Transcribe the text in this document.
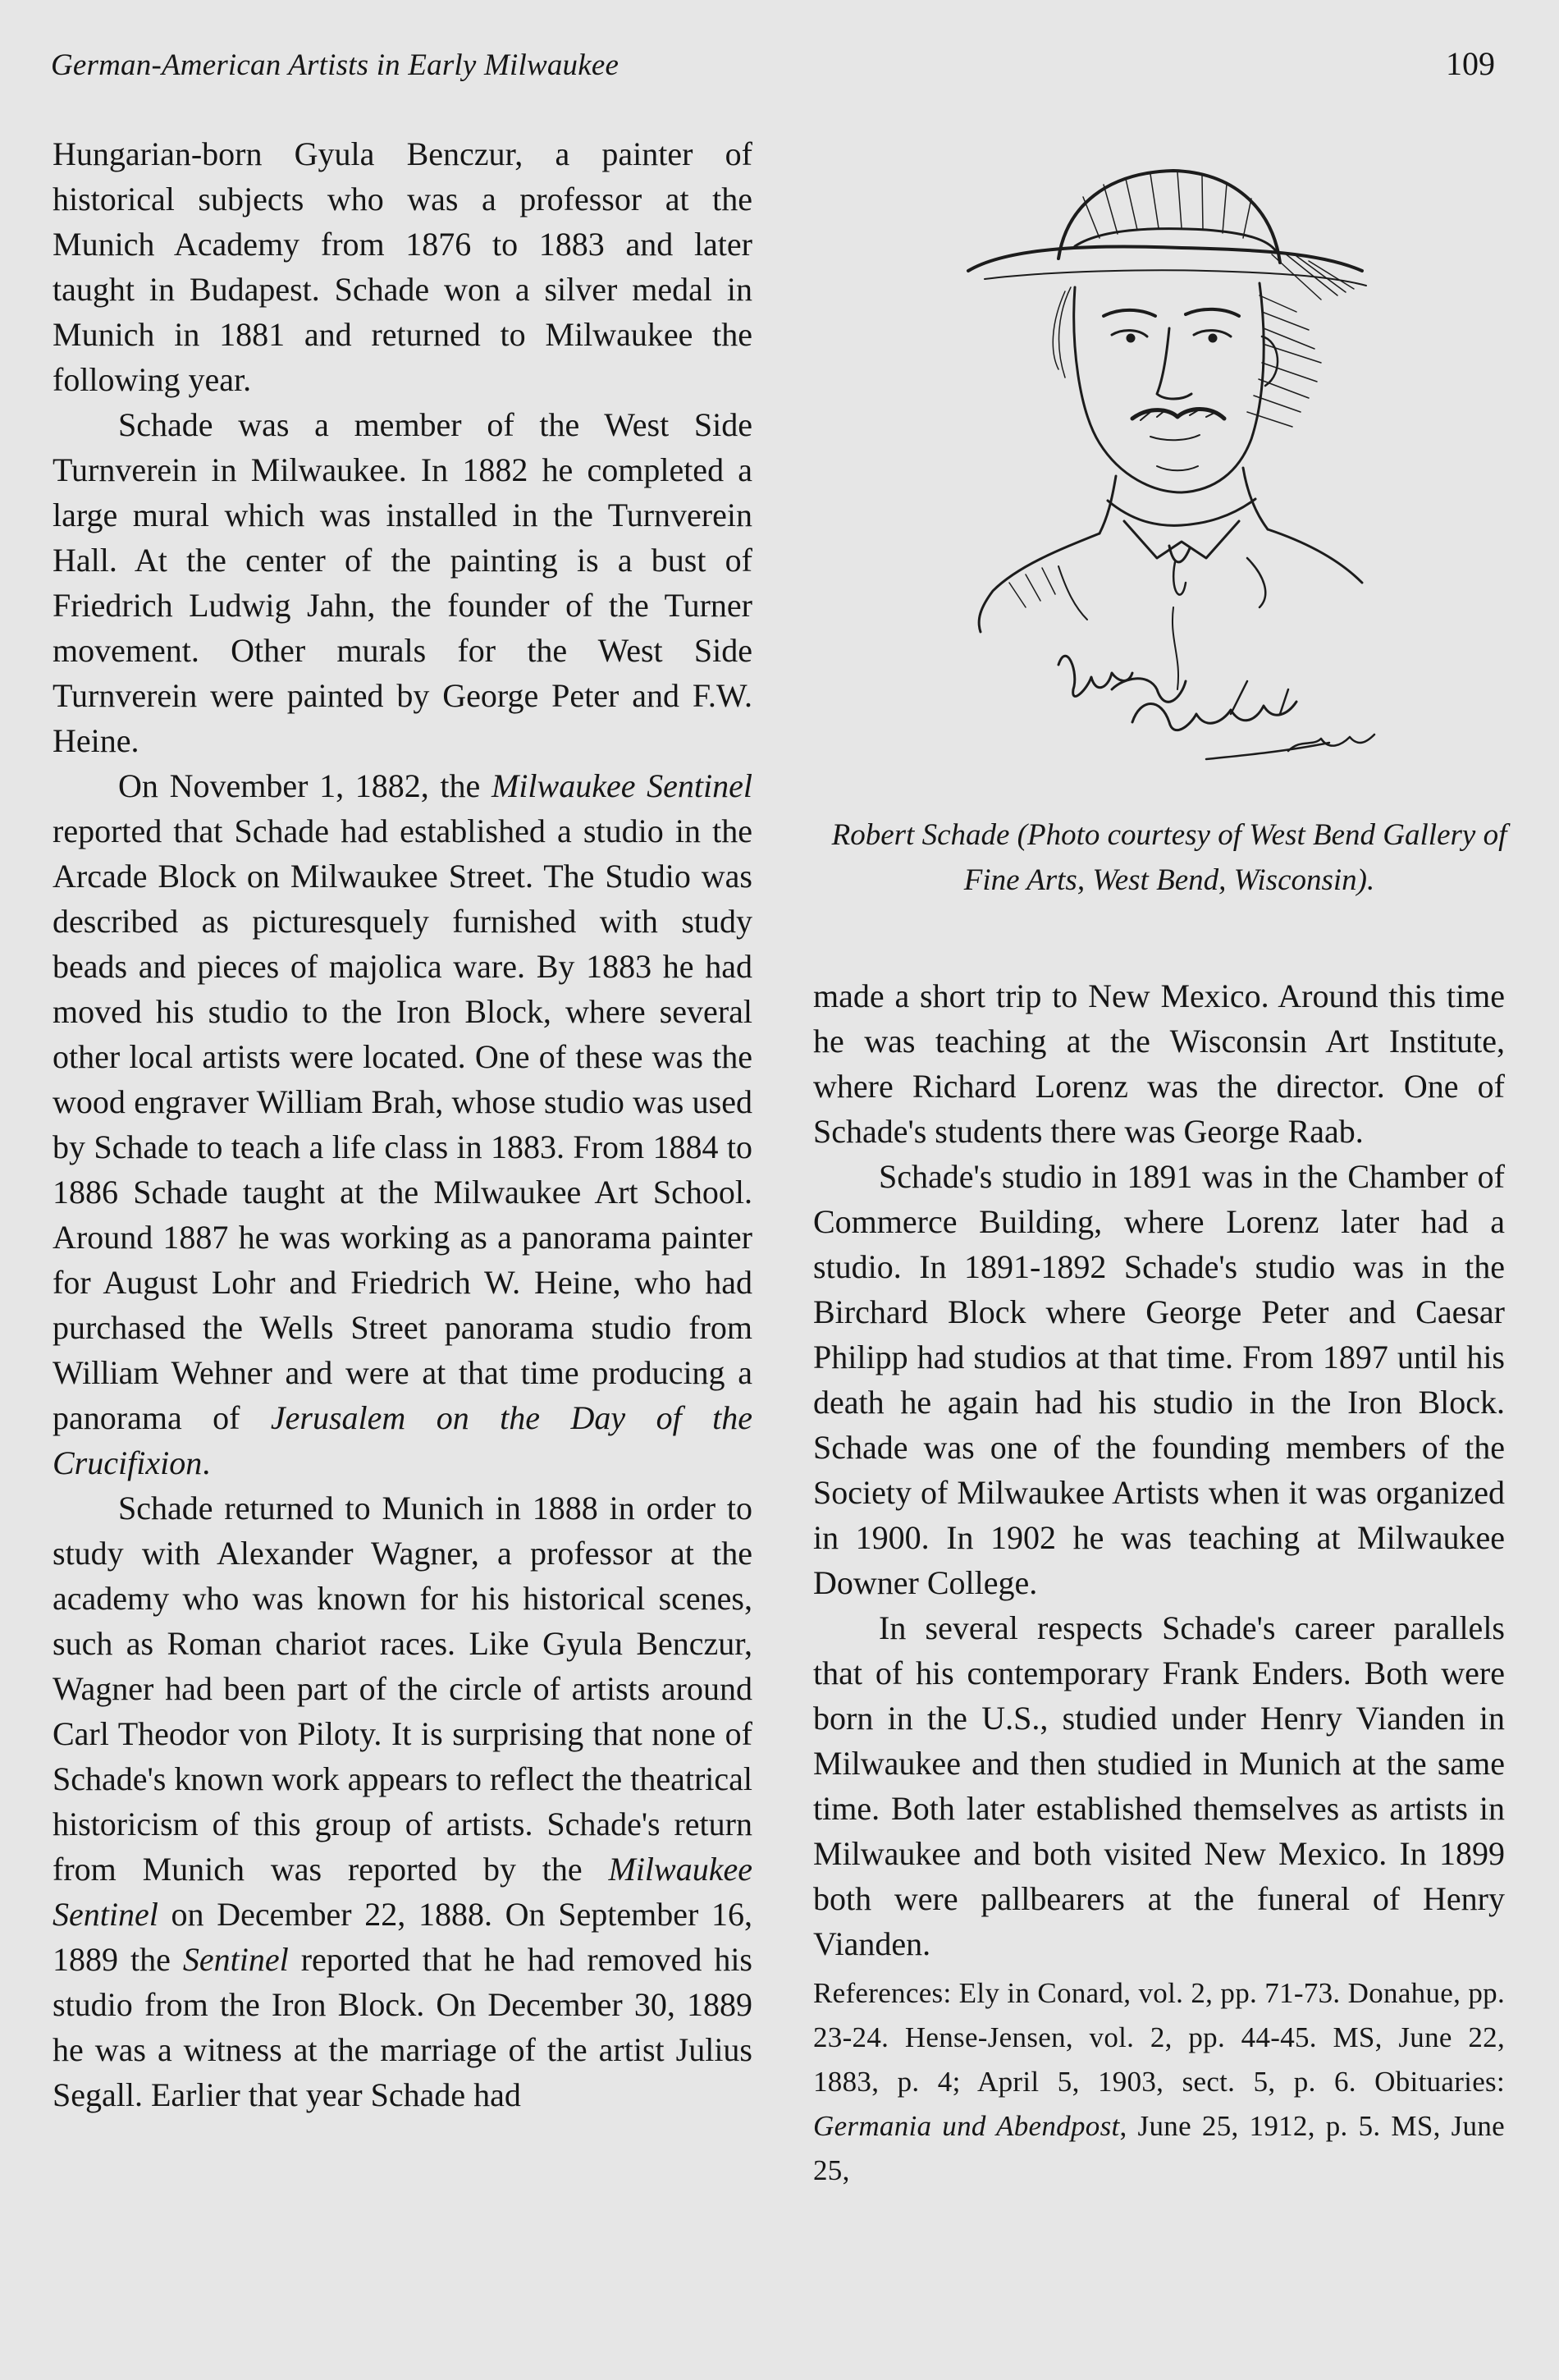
German-American Artists in Early Milwaukee	109

Hungarian-born Gyula Benczur, a painter of historical subjects who was a professor at the Munich Academy from 1876 to 1883 and later taught in Budapest. Schade won a silver medal in Munich in 1881 and returned to Milwaukee the following year.

Schade was a member of the West Side Turnverein in Milwaukee. In 1882 he completed a large mural which was installed in the Turnverein Hall. At the center of the painting is a bust of Friedrich Ludwig Jahn, the founder of the Turner movement. Other murals for the West Side Turnverein were painted by George Peter and F.W. Heine.

On November 1, 1882, the Milwaukee Sentinel reported that Schade had established a studio in the Arcade Block on Milwaukee Street. The Studio was described as picturesquely furnished with study beads and pieces of majolica ware. By 1883 he had moved his studio to the Iron Block, where several other local artists were located. One of these was the wood engraver William Brah, whose studio was used by Schade to teach a life class in 1883. From 1884 to 1886 Schade taught at the Milwaukee Art School. Around 1887 he was working as a panorama painter for August Lohr and Friedrich W. Heine, who had purchased the Wells Street panorama studio from William Wehner and were at that time producing a panorama of Jerusalem on the Day of the Crucifixion.

Schade returned to Munich in 1888 in order to study with Alexander Wagner, a professor at the academy who was known for his historical scenes, such as Roman chariot races. Like Gyula Benczur, Wagner had been part of the circle of artists around Carl Theodor von Piloty. It is surprising that none of Schade's known work appears to reflect the theatrical historicism of this group of artists. Schade's return from Munich was reported by the Milwaukee Sentinel on December 22, 1888. On September 16, 1889 the Sentinel reported that he had removed his studio from the Iron Block. On December 30, 1889 he was a witness at the marriage of the artist Julius Segall. Earlier that year Schade had

Robert Schade (Photo courtesy of West Bend Gallery of Fine Arts, West Bend, Wisconsin).

made a short trip to New Mexico. Around this time he was teaching at the Wisconsin Art Institute, where Richard Lorenz was the director. One of Schade's students there was George Raab.

Schade's studio in 1891 was in the Chamber of Commerce Building, where Lorenz later had a studio. In 1891-1892 Schade's studio was in the Birchard Block where George Peter and Caesar Philipp had studios at that time. From 1897 until his death he again had his studio in the Iron Block. Schade was one of the founding members of the Society of Milwaukee Artists when it was organized in 1900. In 1902 he was teaching at Milwaukee Downer College.

In several respects Schade's career parallels that of his contemporary Frank Enders. Both were born in the U.S., studied under Henry Vianden in Milwaukee and then studied in Munich at the same time. Both later established themselves as artists in Milwaukee and both visited New Mexico. In 1899 both were pallbearers at the funeral of Henry Vianden.

References: Ely in Conard, vol. 2, pp. 71-73. Donahue, pp. 23-24. Hense-Jensen, vol. 2, pp. 44-45. MS, June 22, 1883, p. 4; April 5, 1903, sect. 5, p. 6. Obituaries: Germania und Abendpost, June 25, 1912, p. 5. MS, June 25,
